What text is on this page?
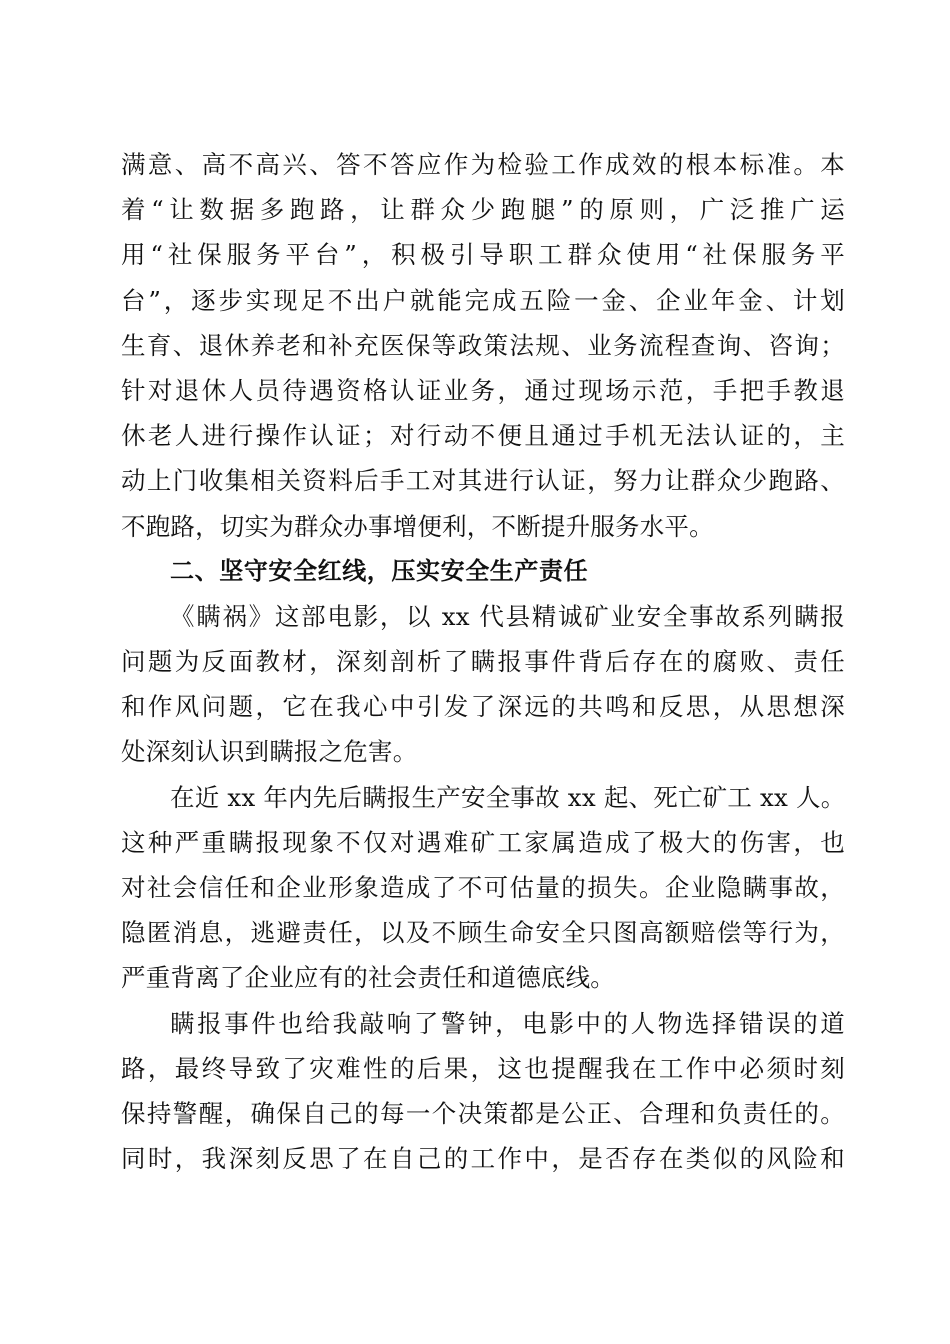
满意、高不高兴、答不答应作为检验工作成效的根本标准。本
着“让数据多跑路，让群众少跑腿”的原则，广泛推广运
用“社保服务平台”，积极引导职工群众使用“社保服务平
台”，逐步实现足不出户就能完成五险一金、企业年金、计划
生育、退休养老和补充医保等政策法规、业务流程查询、咨询；
针对退休人员待遇资格认证业务，通过现场示范，手把手教退
休老人进行操作认证；对行动不便且通过手机无法认证的，主
动上门收集相关资料后手工对其进行认证，努力让群众少跑路、
不跑路，切实为群众办事增便利，不断提升服务水平。
二、坚守安全红线，压实安全生产责任
《瞒祸》这部电影，以 xx 代县精诚矿业安全事故系列瞒报
问题为反面教材，深刻剖析了瞒报事件背后存在的腐败、责任
和作风问题，它在我心中引发了深远的共鸣和反思，从思想深
处深刻认识到瞒报之危害。
在近 xx 年内先后瞒报生产安全事故 xx 起、死亡矿工 xx 人。
这种严重瞒报现象不仅对遇难矿工家属造成了极大的伤害，也
对社会信任和企业形象造成了不可估量的损失。企业隐瞒事故，
隐匿消息，逃避责任，以及不顾生命安全只图高额赔偿等行为，
严重背离了企业应有的社会责任和道德底线。
瞒报事件也给我敲响了警钟，电影中的人物选择错误的道
路，最终导致了灾难性的后果，这也提醒我在工作中必须时刻
保持警醒，确保自己的每一个决策都是公正、合理和负责任的。
同时，我深刻反思了在自己的工作中，是否存在类似的风险和
